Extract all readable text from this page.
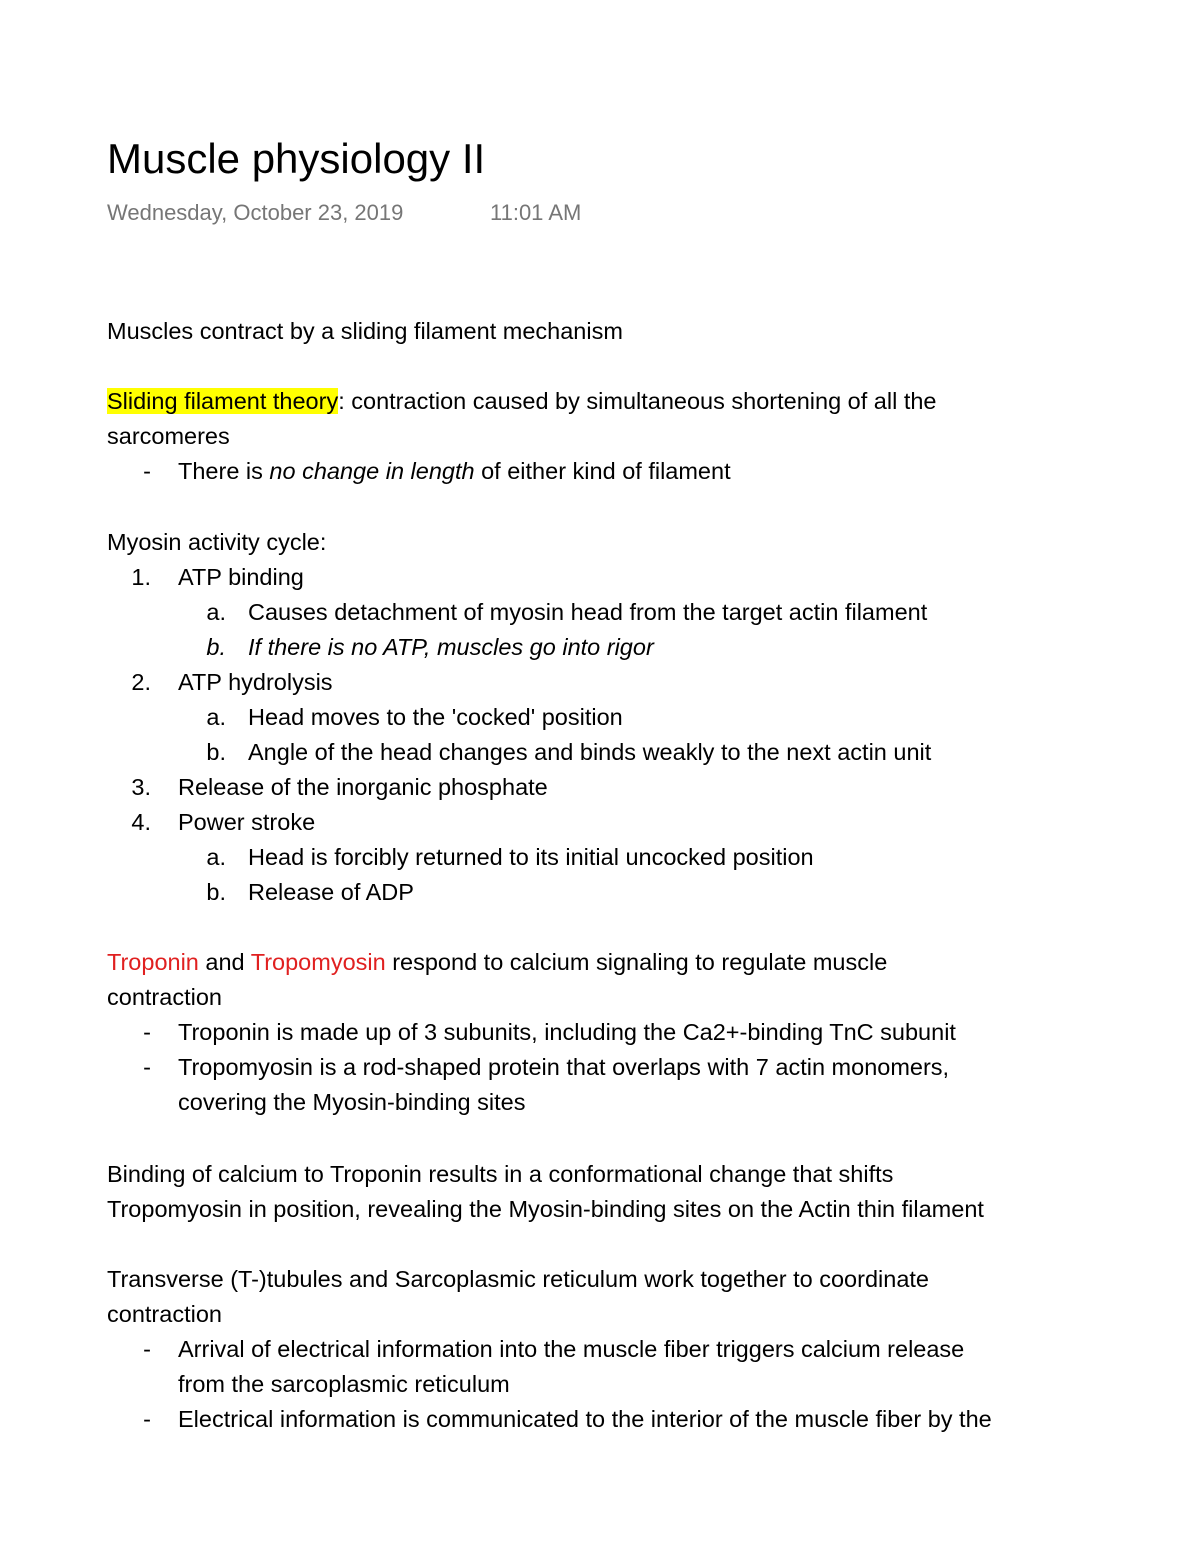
Muscle physiology II
Wednesday, October 23, 2019	11:01 AM
Muscles contract by a sliding filament mechanism
Sliding filament theory: contraction caused by simultaneous shortening of all the
sarcomeres
- There is no change in length of either kind of filament
Myosin activity cycle:
1. ATP binding
a. Causes detachment of myosin head from the target actin filament
b. If there is no ATP, muscles go into rigor
2. ATP hydrolysis
a. Head moves to the 'cocked' position
b. Angle of the head changes and binds weakly to the next actin unit
3. Release of the inorganic phosphate
4. Power stroke
a. Head is forcibly returned to its initial uncocked position
b. Release of ADP
Troponin and Tropomyosin respond to calcium signaling to regulate muscle
contraction
- Troponin is made up of 3 subunits, including the Ca2+-binding TnC subunit
- Tropomyosin is a rod-shaped protein that overlaps with 7 actin monomers,
covering the Myosin-binding sites
Binding of calcium to Troponin results in a conformational change that shifts
Tropomyosin in position, revealing the Myosin-binding sites on the Actin thin filament
Transverse (T-)tubules and Sarcoplasmic reticulum work together to coordinate
contraction
- Arrival of electrical information into the muscle fiber triggers calcium release
from the sarcoplasmic reticulum
- Electrical information is communicated to the interior of the muscle fiber by the
